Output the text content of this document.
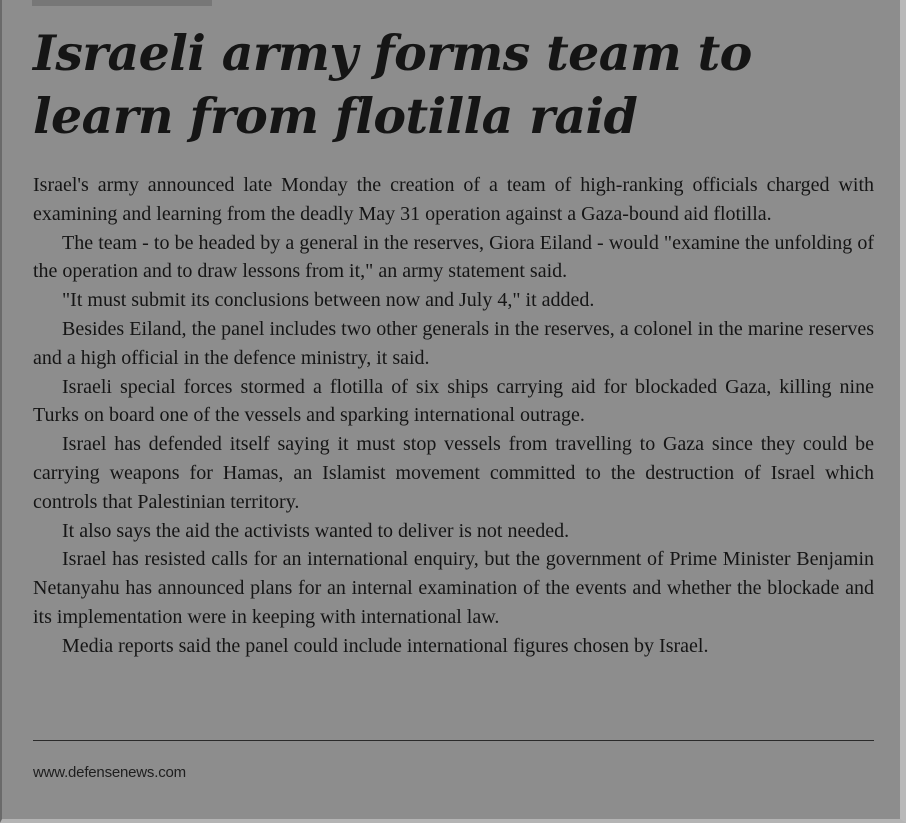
Israeli army forms team to learn from flotilla raid

Israel's army announced late Monday the creation of a team of high-ranking officials charged with examining and learning from the deadly May 31 operation against a Gaza-bound aid flotilla.

The team - to be headed by a general in the reserves, Giora Eiland - would "examine the unfolding of the operation and to draw lessons from it," an army statement said.

"It must submit its conclusions between now and July 4," it added.

Besides Eiland, the panel includes two other generals in the reserves, a colonel in the marine reserves and a high official in the defence ministry, it said.

Israeli special forces stormed a flotilla of six ships carrying aid for blockaded Gaza, killing nine Turks on board one of the vessels and sparking international outrage.

Israel has defended itself saying it must stop vessels from travelling to Gaza since they could be carrying weapons for Hamas, an Islamist movement committed to the destruction of Israel which controls that Palestinian territory.

It also says the aid the activists wanted to deliver is not needed.

Israel has resisted calls for an international enquiry, but the government of Prime Minister Benjamin Netanyahu has announced plans for an internal examination of the events and whether the blockade and its implementation were in keeping with international law.

Media reports said the panel could include international figures chosen by Israel.

www.defensenews.com
